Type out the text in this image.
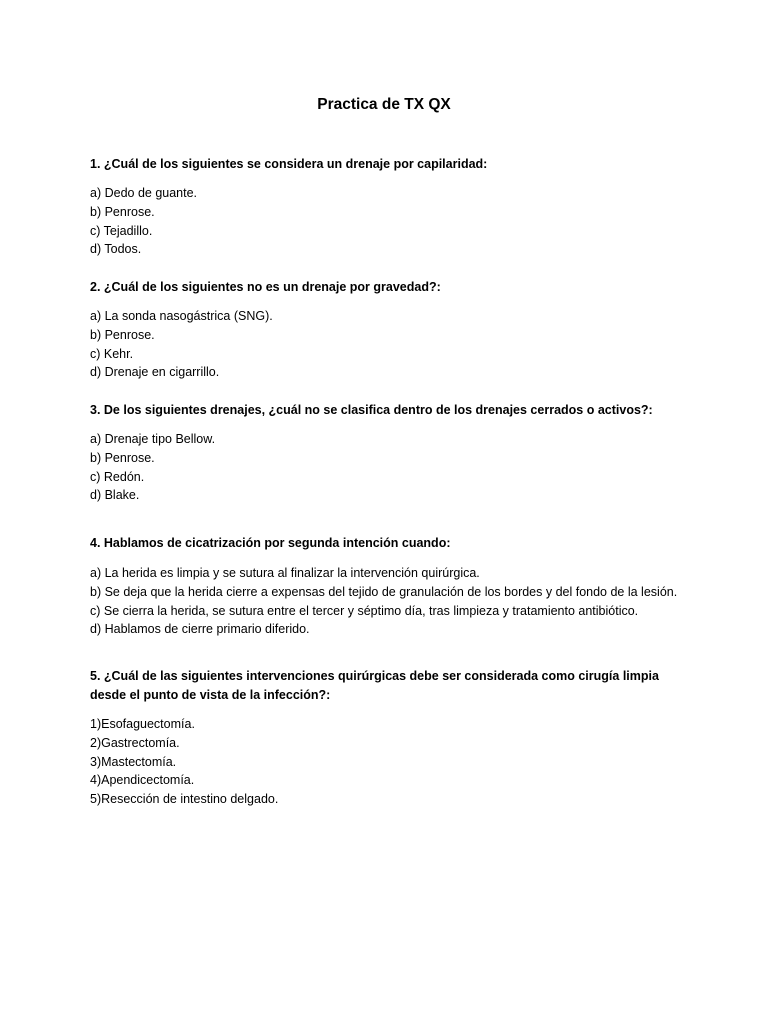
Practica de TX QX
1. ¿Cuál de los siguientes se considera un drenaje por capilaridad:
a) Dedo de guante.
b) Penrose.
c) Tejadillo.
d) Todos.
2. ¿Cuál de los siguientes no es un drenaje por gravedad?:
a) La sonda nasogástrica (SNG).
b) Penrose.
c) Kehr.
d) Drenaje en cigarrillo.
3. De los siguientes drenajes, ¿cuál no se clasifica dentro de los drenajes cerrados o activos?:
a) Drenaje tipo Bellow.
b) Penrose.
c) Redón.
d) Blake.
4. Hablamos de cicatrización por segunda intención cuando:
a) La herida es limpia y se sutura al finalizar la intervención quirúrgica.
b) Se deja que la herida cierre a expensas del tejido de granulación de los bordes y del fondo de la lesión.
c) Se cierra la herida, se sutura entre el tercer y séptimo día, tras limpieza y tratamiento antibiótico.
d) Hablamos de cierre primario diferido.
5. ¿Cuál de las siguientes intervenciones quirúrgicas debe ser considerada como cirugía limpia desde el punto de vista de la infección?:
1)Esofaguectomía.
2)Gastrectomía.
3)Mastectomía.
4)Apendicectomía.
5)Resección de intestino delgado.
